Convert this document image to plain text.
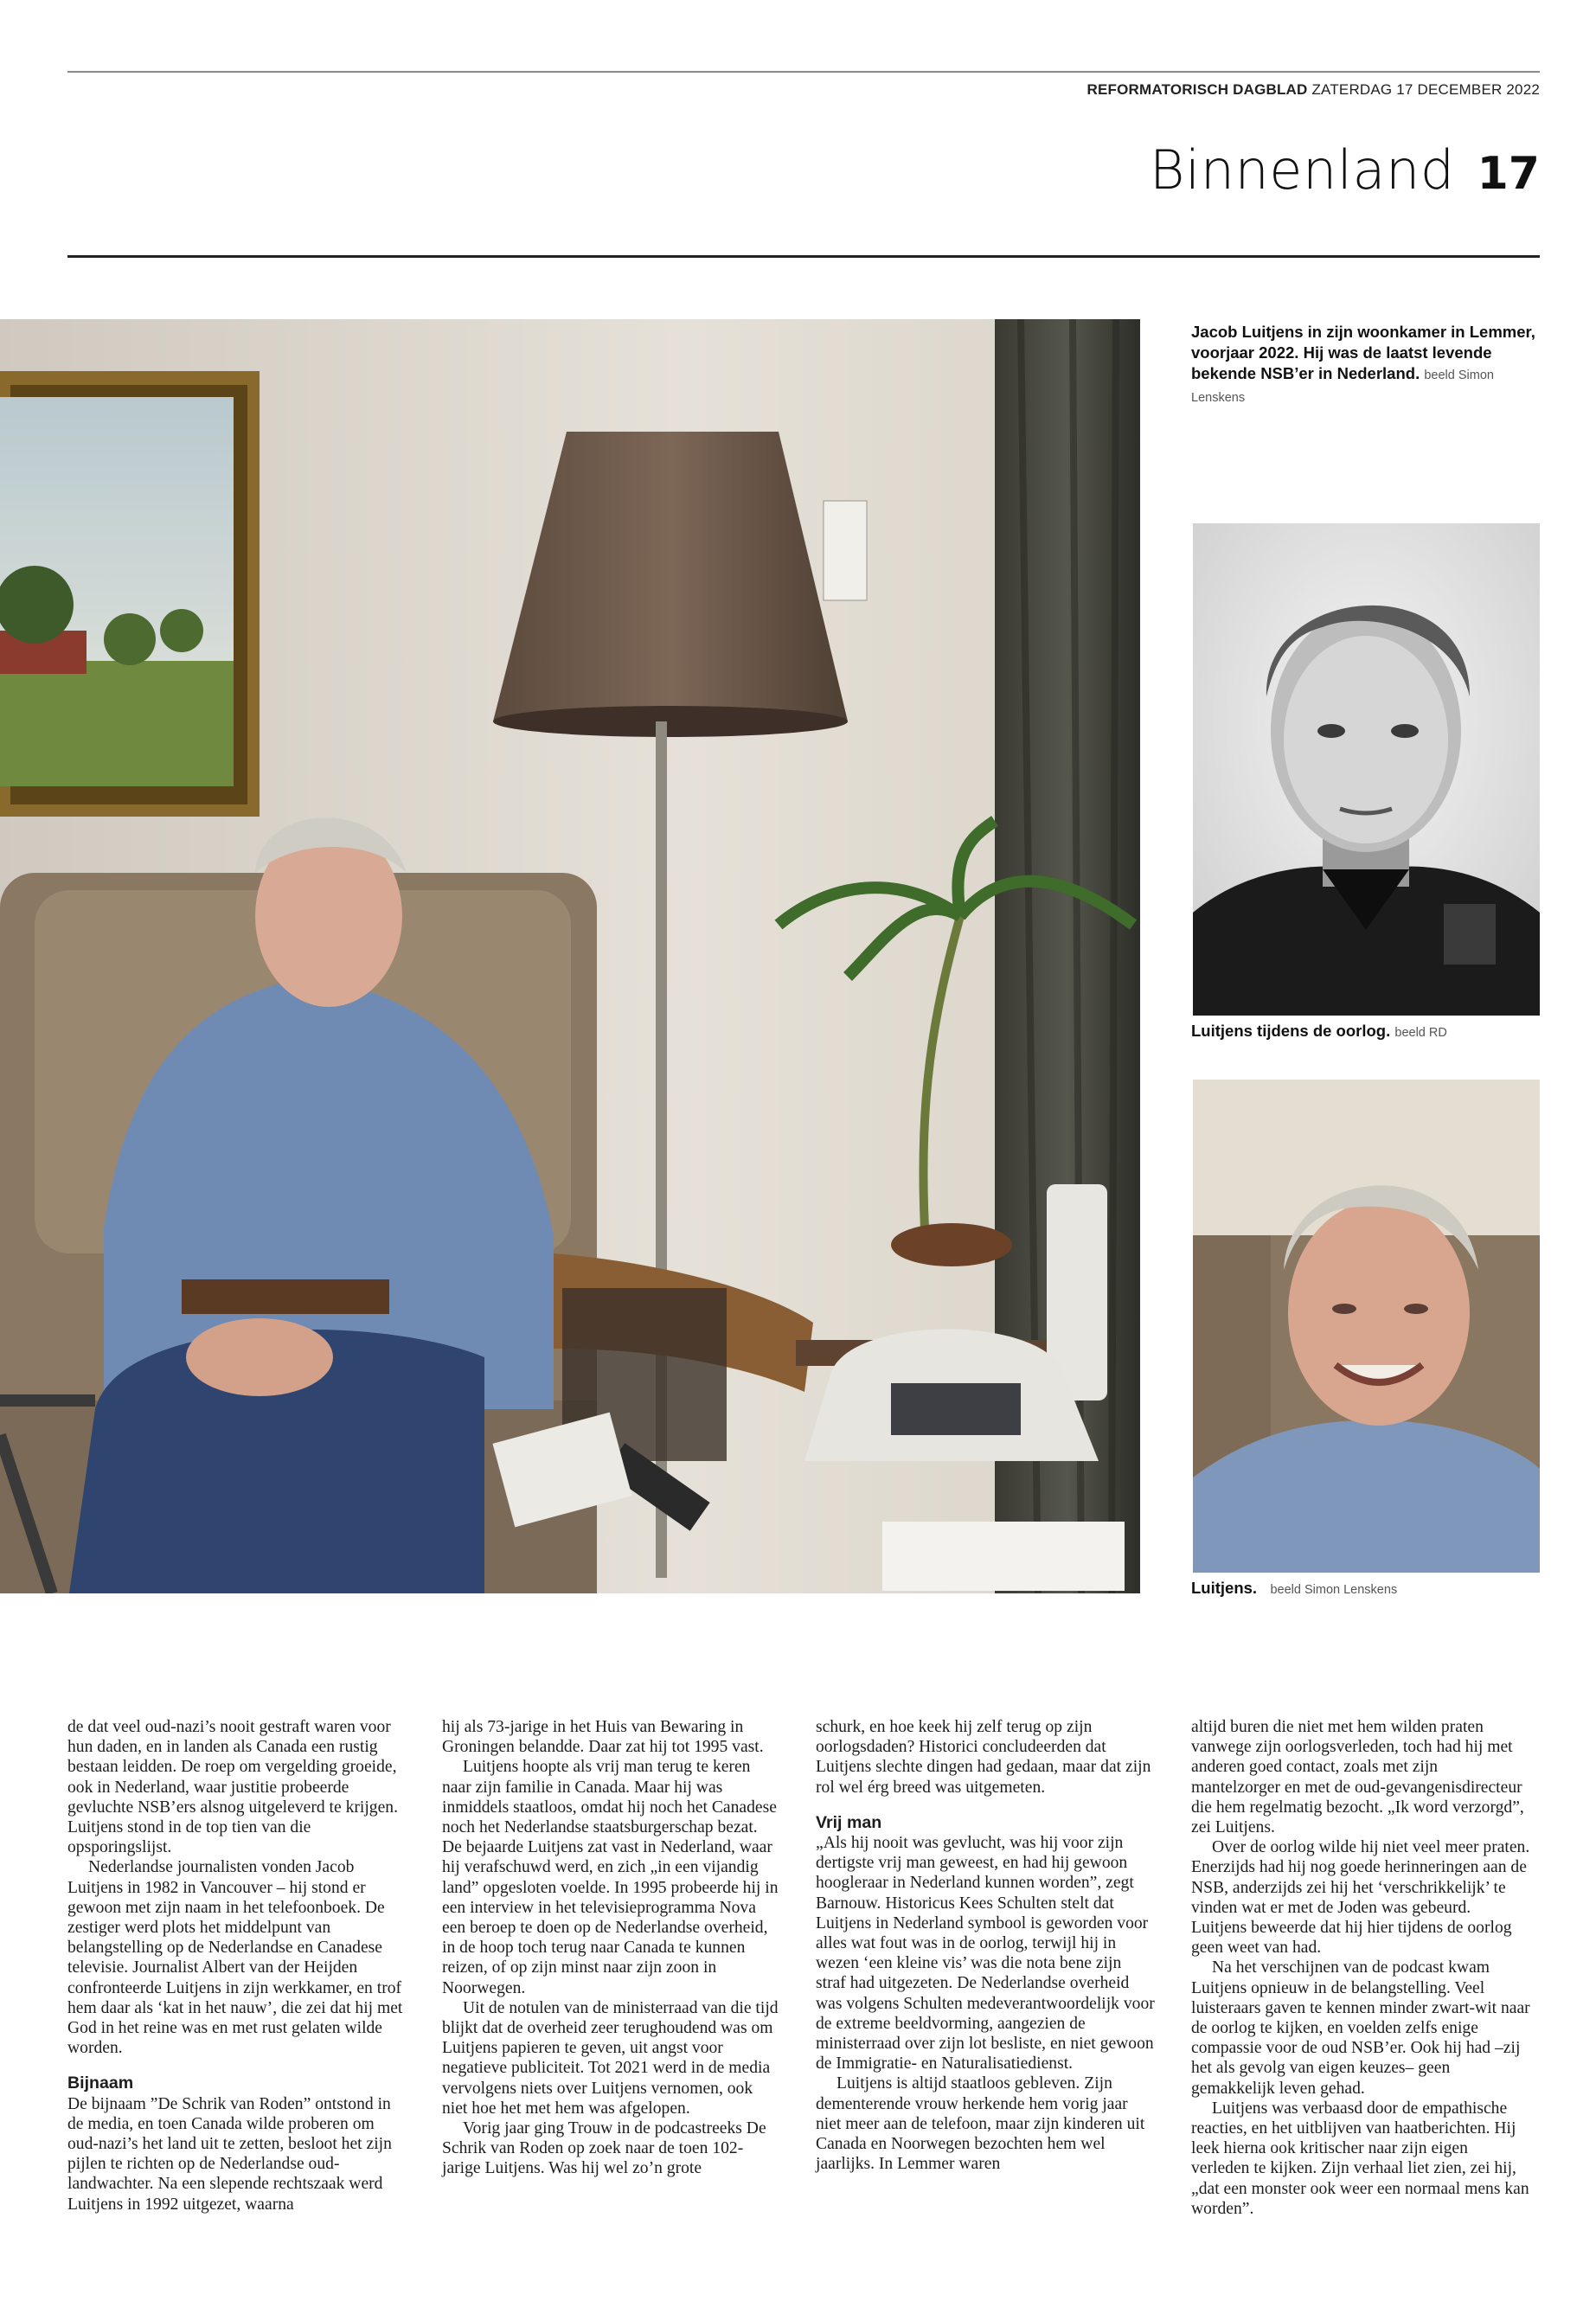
REFORMATORISCH DAGBLAD ZATERDAG 17 DECEMBER 2022
Binnenland 17
Jacob Luitjens in zijn woonkamer in Lemmer, voorjaar 2022. Hij was de laatst levende bekende NSB’er in Nederland. beeld Simon Lenskens
Luitjens tijdens de oorlog. beeld RD
Luitjens. beeld Simon Lenskens

de dat veel oud-nazi’s nooit gestraft waren voor hun daden, en in landen als Canada een rustig bestaan leidden. De roep om vergelding groeide, ook in Nederland, waar justitie probeerde gevluchte NSB’ers alsnog uitgeleverd te krijgen. Luitjens stond in de top tien van die opsporingslijst.

Nederlandse journalisten vonden Jacob Luitjens in 1982 in Vancouver – hij stond er gewoon met zijn naam in het telefoonboek. De zestiger werd plots het middelpunt van belangstelling op de Nederlandse en Canadese televisie. Journalist Albert van der Heijden confronteerde Luitjens in zijn werkkamer, en trof hem daar als ‘kat in het nauw’, die zei dat hij met God in het reine was en met rust gelaten wilde worden.

Bijnaam

De bijnaam ”De Schrik van Roden” ontstond in de media, en toen Canada wilde proberen om oud-nazi’s het land uit te zetten, besloot het zijn pijlen te richten op de Nederlandse oud-landwachter. Na een slepende rechtszaak werd Luitjens in 1992 uitgezet, waarna

hij als 73-jarige in het Huis van Bewaring in Groningen belandde. Daar zat hij tot 1995 vast.

Luitjens hoopte als vrij man terug te keren naar zijn familie in Canada. Maar hij was inmiddels staatloos, omdat hij noch het Canadese noch het Nederlandse staatsburgerschap bezat. De bejaarde Luitjens zat vast in Nederland, waar hij verafschuwd werd, en zich „in een vijandig land” opgesloten voelde. In 1995 probeerde hij in een interview in het televisieprogramma Nova een beroep te doen op de Nederlandse overheid, in de hoop toch terug naar Canada te kunnen reizen, of op zijn minst naar zijn zoon in Noorwegen.

Uit de notulen van de ministerraad van die tijd blijkt dat de overheid zeer terughoudend was om Luitjens papieren te geven, uit angst voor negatieve publiciteit. Tot 2021 werd in de media vervolgens niets over Luitjens vernomen, ook niet hoe het met hem was afgelopen.

Vorig jaar ging Trouw in de podcastreeks De Schrik van Roden op zoek naar de toen 102-jarige Luitjens. Was hij wel zo’n grote

schurk, en hoe keek hij zelf terug op zijn oorlogsdaden? Historici concludeerden dat Luitjens slechte dingen had gedaan, maar dat zijn rol wel érg breed was uitgemeten.

Vrij man

„Als hij nooit was gevlucht, was hij voor zijn dertigste vrij man geweest, en had hij gewoon hoogleraar in Nederland kunnen worden”, zegt Barnouw. Historicus Kees Schulten stelt dat Luitjens in Nederland symbool is geworden voor alles wat fout was in de oorlog, terwijl hij in wezen ‘een kleine vis’ was die nota bene zijn straf had uitgezeten. De Nederlandse overheid was volgens Schulten medeverantwoordelijk voor de extreme beeldvorming, aangezien de ministerraad over zijn lot besliste, en niet gewoon de Immigratie- en Naturalisatiedienst.

Luitjens is altijd staatloos gebleven. Zijn dementerende vrouw herkende hem vorig jaar niet meer aan de telefoon, maar zijn kinderen uit Canada en Noorwegen bezochten hem wel jaarlijks. In Lemmer waren

altijd buren die niet met hem wilden praten vanwege zijn oorlogsverleden, toch had hij met anderen goed contact, zoals met zijn mantelzorger en met de oud-gevangenisdirecteur die hem regelmatig bezocht. „Ik word verzorgd”, zei Luitjens.

Over de oorlog wilde hij niet veel meer praten. Enerzijds had hij nog goede herinneringen aan de NSB, anderzijds zei hij het ‘verschrikkelijk’ te vinden wat er met de Joden was gebeurd. Luitjens beweerde dat hij hier tijdens de oorlog geen weet van had.

Na het verschijnen van de podcast kwam Luitjens opnieuw in de belangstelling. Veel luisteraars gaven te kennen minder zwart-wit naar de oorlog te kijken, en voelden zelfs enige compassie voor de oud NSB’er. Ook hij had –zij het als gevolg van eigen keuzes– geen gemakkelijk leven gehad.

Luitjens was verbaasd door de empathische reacties, en het uitblijven van haatberichten. Hij leek hierna ook kritischer naar zijn eigen verleden te kijken. Zijn verhaal liet zien, zei hij, „dat een monster ook weer een normaal mens kan worden”.
